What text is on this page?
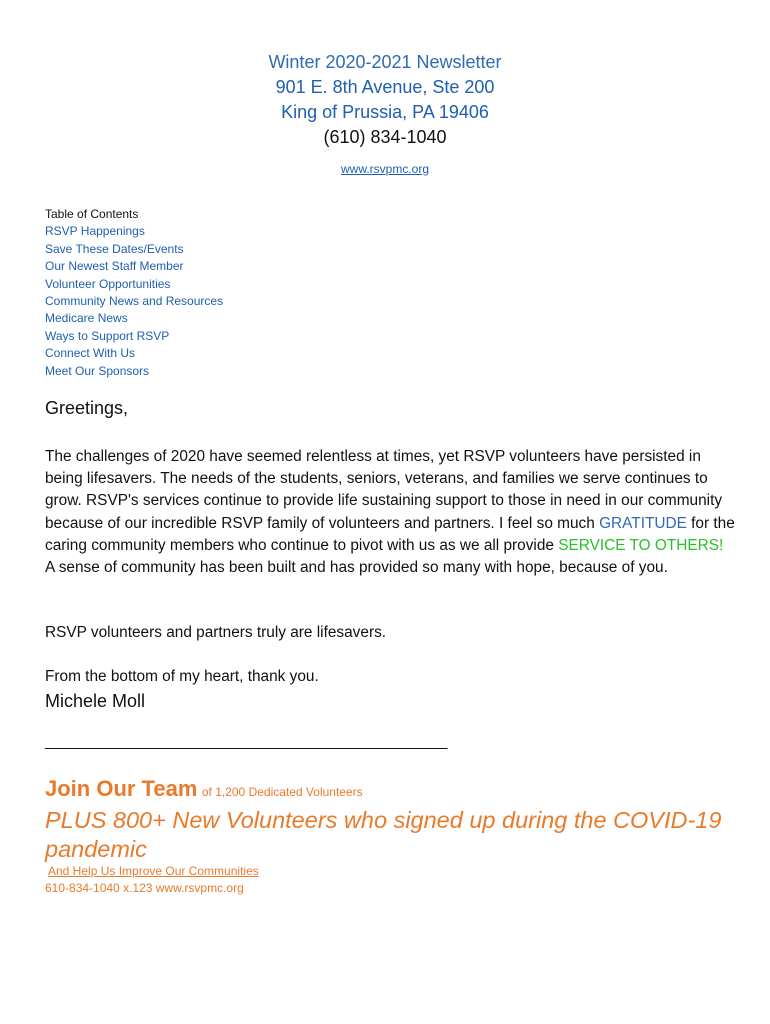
Winter 2020-2021 Newsletter
901 E. 8th Avenue, Ste 200
King of Prussia, PA 19406
(610) 834-1040
www.rsvpmc.org
Table of Contents
RSVP Happenings
Save These Dates/Events
Our Newest Staff Member
Volunteer Opportunities
Community News and Resources
Medicare News
Ways to Support RSVP
Connect With Us
Meet Our Sponsors
Greetings,

The challenges of 2020 have seemed relentless at times, yet RSVP volunteers have persisted in being lifesavers. The needs of the students, seniors, veterans, and families we serve continues to grow. RSVP's services continue to provide life sustaining support to those in need in our community because of our incredible RSVP family of volunteers and partners. I feel so much GRATITUDE for the caring community members who continue to pivot with us as we all provide SERVICE TO OTHERS! A sense of community has been built and has provided so many with hope, because of you.

RSVP volunteers and partners truly are lifesavers.
From the bottom of my heart, thank you.
Michele Moll
_______________________________________________
Join Our Team of 1,200 Dedicated Volunteers
PLUS 800+ New Volunteers who signed up during the COVID-19 pandemic
And Help Us Improve Our Communities
610-834-1040 x.123 www.rsvpmc.org
